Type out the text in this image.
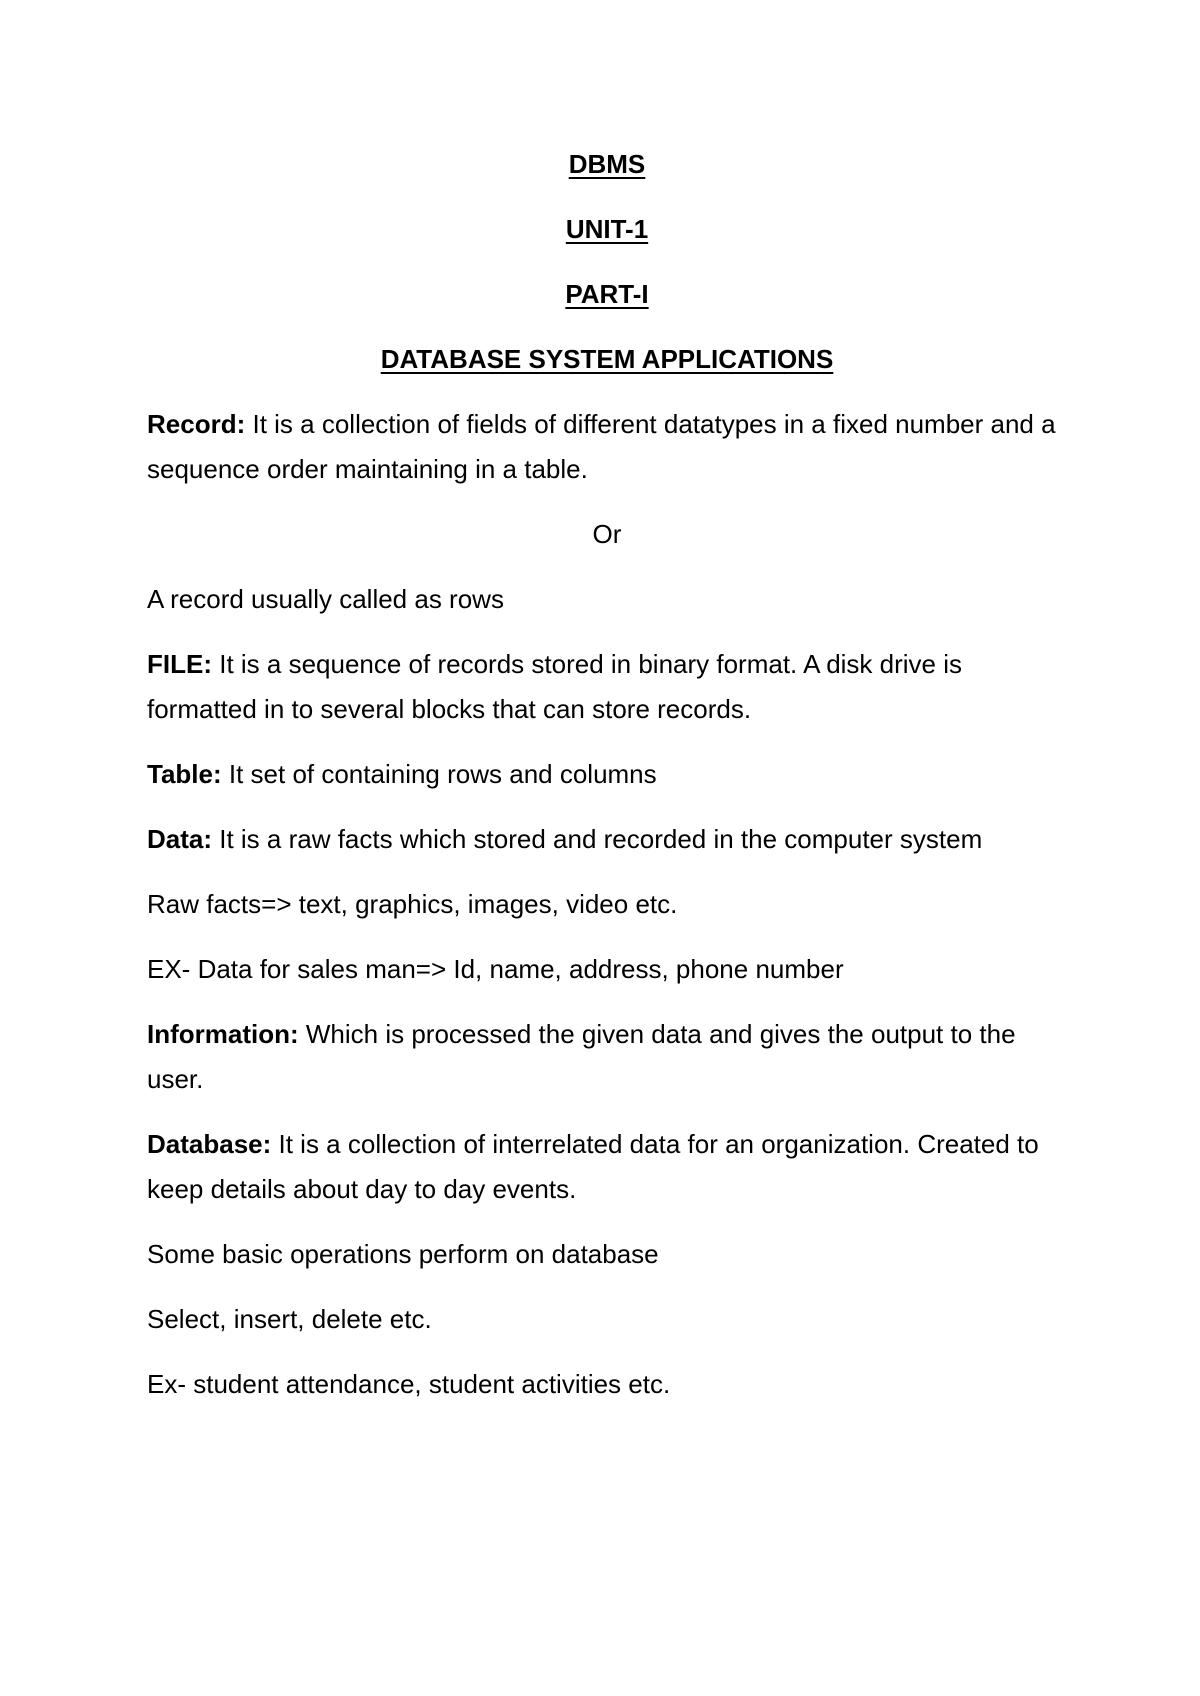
DBMS
UNIT-1
PART-I
DATABASE SYSTEM APPLICATIONS

Record: It is a collection of fields of different datatypes in a fixed number and a sequence order maintaining in a table.

Or

A record usually called as rows

FILE: It is a sequence of records stored in binary format. A disk drive is formatted in to several blocks that can store records.

Table: It set of containing rows and columns

Data: It is a raw facts which stored and recorded in the computer system

Raw facts=> text, graphics, images, video etc.

EX- Data for sales man=> Id, name, address, phone number

Information: Which is processed the given data and gives the output to the user.

Database: It is a collection of interrelated data for an organization. Created to keep details about day to day events.

Some basic operations perform on database

Select, insert, delete etc.

Ex- student attendance, student activities etc.
